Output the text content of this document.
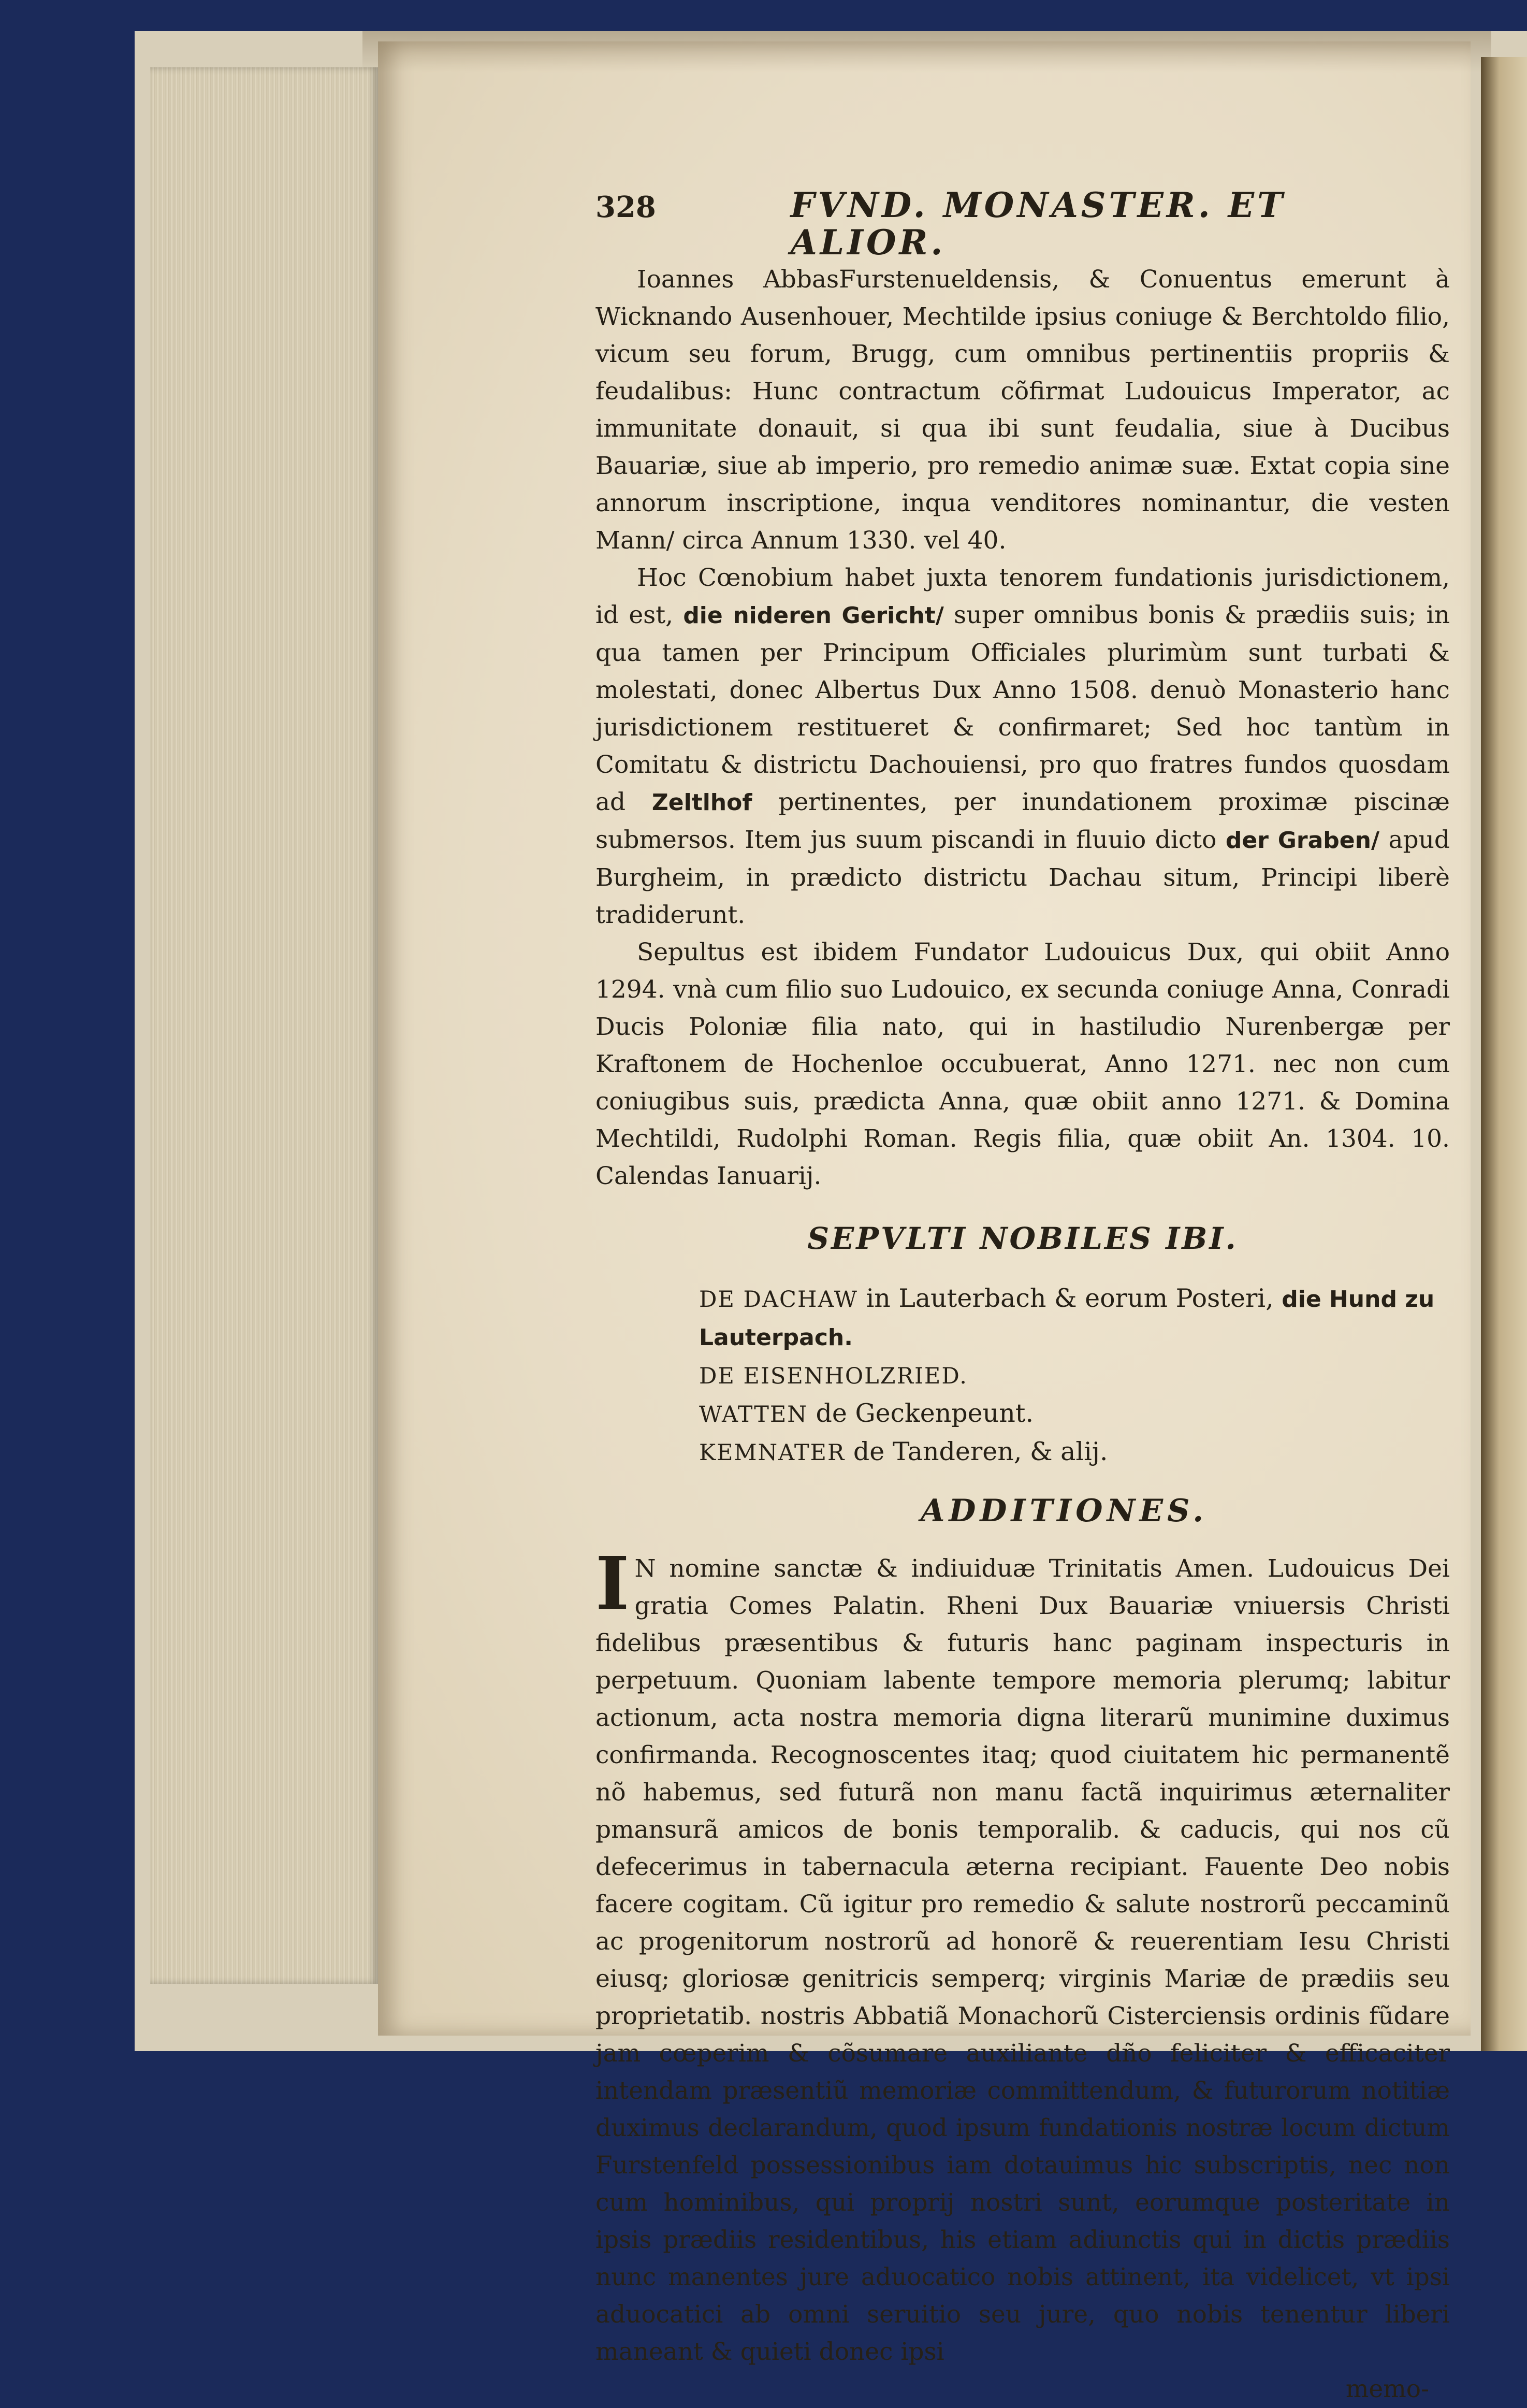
328	FVND. MONASTER. ET ALIOR.

Ioannes AbbasFurstenueldensis, & Conuentus emerunt à Wicknando Ausenhouer, Mechtilde ipsius coniuge & Berchtoldo filio, vicum seu forum, Brugg, cum omnibus pertinentiis propriis & feudalibus: Hunc contractum cõfirmat Ludouicus Imperator, ac immunitate donauit, si qua ibi sunt feudalia, siue à Ducibus Bauariæ, siue ab imperio, pro remedio animæ suæ. Extat copia sine annorum inscriptione, inqua venditores nominantur, die vesten Mann/ circa Annum 1330. vel 40.

Hoc Cœnobium habet juxta tenorem fundationis jurisdictionem, id est, die nideren Gericht/ super omnibus bonis & prædiis suis; in qua tamen per Principum Officiales plurimùm sunt turbati & molestati, donec Albertus Dux Anno 1508. denuò Monasterio hanc jurisdictionem restitueret & confirmaret; Sed hoc tantùm in Comitatu & districtu Dachouiensi, pro quo fratres fundos quosdam ad Zeltlhof pertinentes, per inundationem proximæ piscinæ submersos. Item jus suum piscandi in fluuio dicto der Graben/ apud Burgheim, in prædicto districtu Dachau situm, Principi liberè tradiderunt.

Sepultus est ibidem Fundator Ludouicus Dux, qui obiit Anno 1294. vnà cum filio suo Ludouico, ex secunda coniuge Anna, Conradi Ducis Poloniæ filia nato, qui in hastiludio Nurenbergæ per Kraftonem de Hochenloe occubuerat, Anno 1271. nec non cum coniugibus suis, prædicta Anna, quæ obiit anno 1271. & Domina Mechtildi, Rudolphi Roman. Regis filia, quæ obiit An. 1304. 10. Calendas Ianuarij.

SEPVLTI NOBILES IBI.
DE DACHAW in Lauterbach & eorum Posteri, die Hund zu Lauterpach.
DE EISENHOLZRIED.
WATTEN de Geckenpeunt.
KEMNATER de Tanderen, & alij.
ADDITIONES.

I N nomine sanctæ & indiuiduæ Trinitatis Amen. Ludouicus Dei gratia Comes Palatin. Rheni Dux Bauariæ vniuersis Christi fidelibus præsentibus & futuris hanc paginam inspecturis in perpetuum. Quoniam labente tempore memoria plerumq; labitur actionum, acta nostra memoria digna literarũ munimine duximus confirmanda. Recognoscentes itaq; quod ciuitatem hic permanentẽ nõ habemus, sed futurã non manu factã inquirimus æternaliter pmansurã amicos de bonis temporalib. & caducis, qui nos cũ defecerimus in tabernacula æterna recipiant. Fauente Deo nobis facere cogitam. Cũ igitur pro remedio & salute nostrorũ peccaminũ ac progenitorum nostrorũ ad honorẽ & reuerentiam Iesu Christi eiusq; gloriosæ genitricis semperq; virginis Mariæ de prædiis seu proprietatib. nostris Abbatiã Monachorũ Cisterciensis ordinis fũdare jam cœperim & cõsumare auxiliante dño feliciter & efficaciter intendam præsentiũ memoriæ committendum, & futurorum notitiæ duximus declarandum, quod ipsum fundationis nostræ locum dictum Furstenfeld possessionibus iam dotauimus hic subscriptis, nec non cum hominibus, qui proprij nostri sunt, eorumque posteritate in ipsis prædiis residentibus, his etiam adiunctis qui in dictis prædiis nunc manentes jure aduocatico nobis attinent, ita videlicet, vt ipsi aduocatici ab omni seruitio seu jure, quo nobis tenentur liberi maneant & quieti donec ipsi

memo-
